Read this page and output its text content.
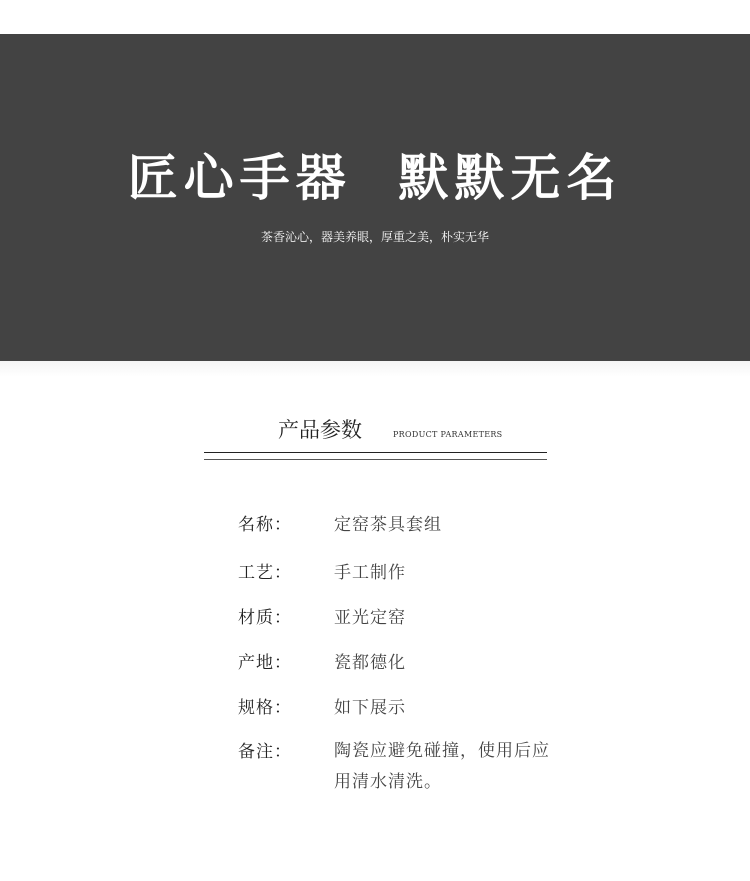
匠心手器  默默无名
茶香沁心，器美养眼，厚重之美，朴实无华
产品参数	PRODUCT PARAMETERS
名称： 定窑茶具套组
工艺： 手工制作
材质： 亚光定窑
产地： 瓷都德化
规格： 如下展示
备注： 陶瓷应避免碰撞，使用后应用清水清洗。
